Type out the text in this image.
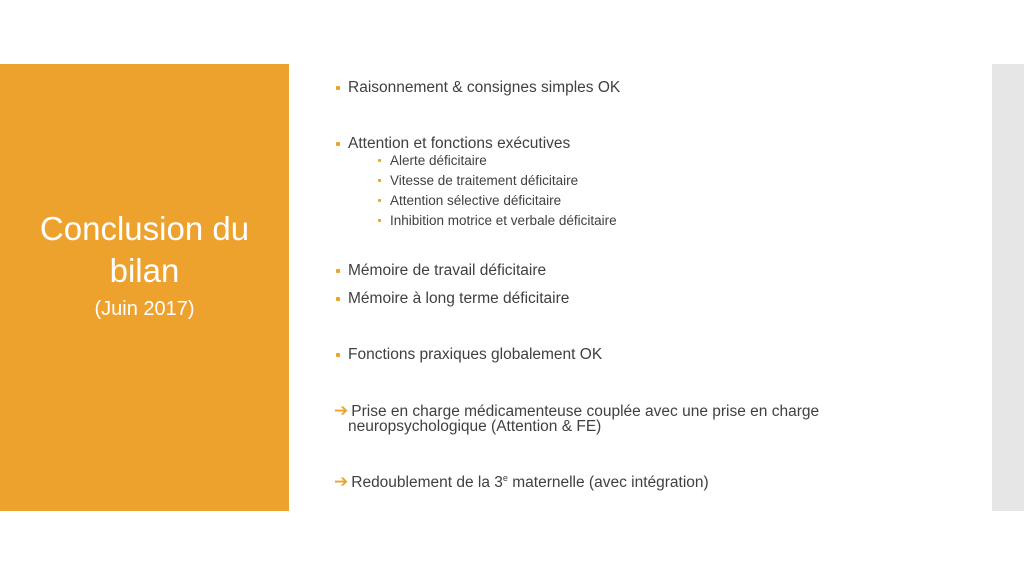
Conclusion du
bilan
(Juin 2017)
Raisonnement & consignes simples OK
Attention et fonctions exécutives
Alerte déficitaire
Vitesse de traitement déficitaire
Attention sélective déficitaire
Inhibition motrice et verbale déficitaire
Mémoire de travail déficitaire
Mémoire à long terme déficitaire
Fonctions praxiques globalement OK
➔ Prise en charge médicamenteuse couplée avec une prise en charge
neuropsychologique (Attention & FE)
➔ Redoublement de la 3e maternelle (avec intégration)
